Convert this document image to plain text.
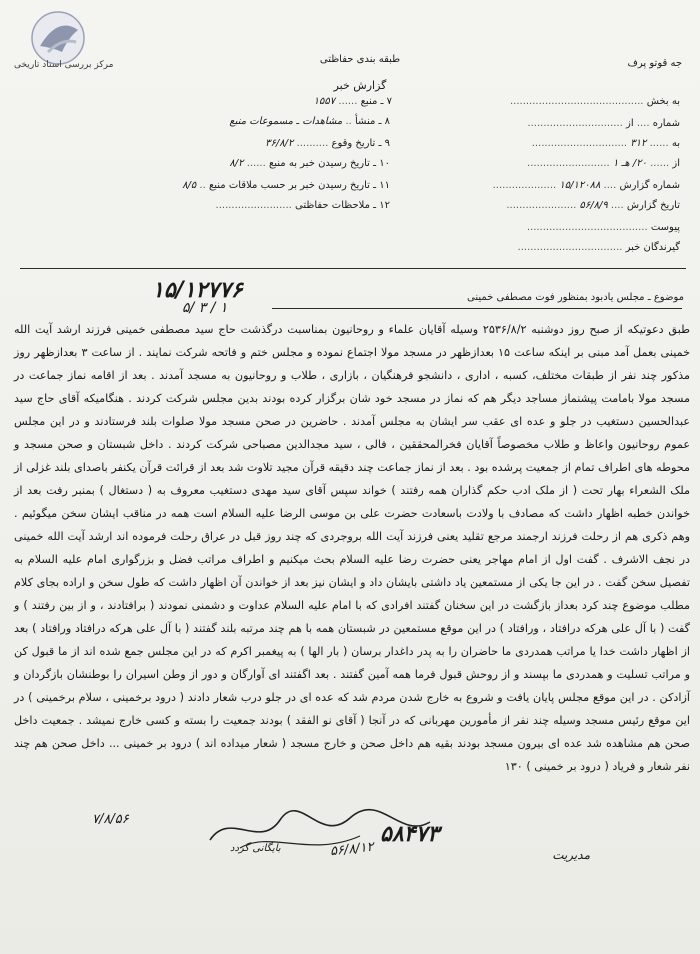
مرکز بررسی اسناد تاریخی	طبقه بندی حفاظتی
گزارش خبر
جه قوتو پرف
به بخش ..........................................
شماره .... از ..............................
به ...... ۳۱۲ ..............................
از ...... ۲۰/ هـ ۱ ..........................
شماره گزارش .... ۱۵/۱۲۰۸۸ ....................
تاریخ گزارش .... ۵۶/۸/۹ ......................
پیوست ......................................
گیرندگان خبر .................................
۷ ـ منبع ...... ۱۵۵۷
۸ ـ منشأ .. مشاهدات ـ مسموعات منبع
۹ ـ تاریخ وقوع .......... ۳۶/۸/۲
۱۰ ـ تاریخ رسیدن خبر به منبع ...... ۸/۲
۱۱ ـ تاریخ رسیدن خبر بر حسب ملاقات منبع .. ۸/۵
۱۲ ـ ملاحظات حفاظتی ........................
۱۵/۱۲۷۷۶
۵/ ۳ / ۱
موضوع ـ مجلس یادبود بمنظور فوت مصطفی خمینی

طبق دعوتیکه از صبح روز دوشنبه ۲۵۳۶/۸/۲ وسیله آقایان علماء و روحانیون بمناسبت درگذشت حاج سید مصطفی خمینی فرزند ارشد آیت الله خمینی بعمل آمد مبنی بر اینکه ساعت ۱۵ بعدازظهر در مسجد مولا اجتماع نموده و مجلس ختم و فاتحه شرکت نمایند . از ساعت ۳ بعدازظهر روز مذکور چند نفر از طبقات مختلف، کسبه ، اداری ، دانشجو فرهنگیان ، بازاری ، طلاب و روحانیون به مسجد آمدند . بعد از اقامه نماز جماعت در مسجد مولا بامامت پیشنماز مساجد دیگر هم که نماز در مسجد خود شان برگزار کرده بودند بدین مجلس شرکت کردند . هنگامیکه آقای حاج سید عبدالحسین دستغیب در جلو و عده ای عقب سر ایشان به مجلس آمدند . حاضرین در صحن مسجد مولا صلوات بلند فرستادند و در این مجلس عموم روحانیون واعاظ و طلاب مخصوصاً آقایان فخرالمحققین ، فالی ، سید مجدالدین مصباحی شرکت کردند . داخل شبستان و صحن مسجد و محوطه های اطراف تمام از جمعیت پرشده بود . بعد از نماز جماعت چند دقیقه قرآن مجید تلاوت شد بعد از قرائت قرآن یکنفر باصدای بلند غزلی از ملک الشعراء بهار تحت ( از ملک ادب حکم گذاران همه رفتند ) خواند سپس آقای سید مهدی دستغیب معروف به ( دستغال ) بمنبر رفت بعد از خواندن خطبه اظهار داشت که مصادف با ولادت باسعادت حضرت علی بن موسی الرضا علیه السلام است همه در مناقب ایشان سخن میگوئیم . وهم ذکری هم از رحلت فرزند ارجمند مرجع تقلید یعنی فرزند آیت الله بروجردی که چند روز قبل در عراق رحلت فرموده اند ارشد آیت الله خمینی در نجف الاشرف . گفت اول از امام مهاجر یعنی حضرت رضا علیه السلام بحث میکنیم و اطراف مراتب فضل و بزرگواری امام علیه السلام به تفصیل سخن گفت . در این جا یکی از مستمعین یاد داشتی بایشان داد و ایشان نیز بعد از خواندن آن اظهار داشت که طول سخن و اراده بجای کلام مطلب موضوع چند کرد بعداز بازگشت در این سخنان گفتند افرادی که با امام علیه السلام عداوت و دشمنی نمودند ( برافتادند ، و از بین رفتند ) و گفت ( با آل علی هرکه درافتاد ، ورافتاد ) در این موقع مستمعین در شبستان همه با هم چند مرتبه بلند گفتند ( با آل علی هرکه درافتاد ورافتاد ) بعد از اظهار داشت خدا یا مراتب همدردی ما حاضران را به پدر داغدار برسان ( بار الها ) به پیغمبر اکرم که در این مجلس جمع شده اند از ما قبول کن و مراتب تسلیت و همدردی ما بپسند و از روحش قبول فرما همه آمین گفتند . بعد اگفتند ای آوارگان و دور از وطن اسیران را بوطنشان بازگردان و آزادکن . در این موقع مجلس پایان یافت و شروع به خارج شدن مردم شد که عده ای در جلو درب شعار دادند ( درود برخمینی ، سلام برخمینی ) در این موقع رئیس مسجد وسیله چند نفر از مأمورین مهربانی که در آنجا ( آقای نو الفقد ) بودند جمعیت را بسته و کسی خارج نمیشد . جمعیت داخل صحن هم مشاهده شد عده ای بیرون مسجد بودند بقیه هم داخل صحن و خارج مسجد ( شعار میداده اند ) درود بر خمینی ... داخل صحن هم چند نفر شعار و فریاد ( درود بر خمینی ) ۱۳۰

۵۸۴۷۳
۵۶/۸/۱۲
۷/۸/۵۶
بایگانی گردد	مدیریت
